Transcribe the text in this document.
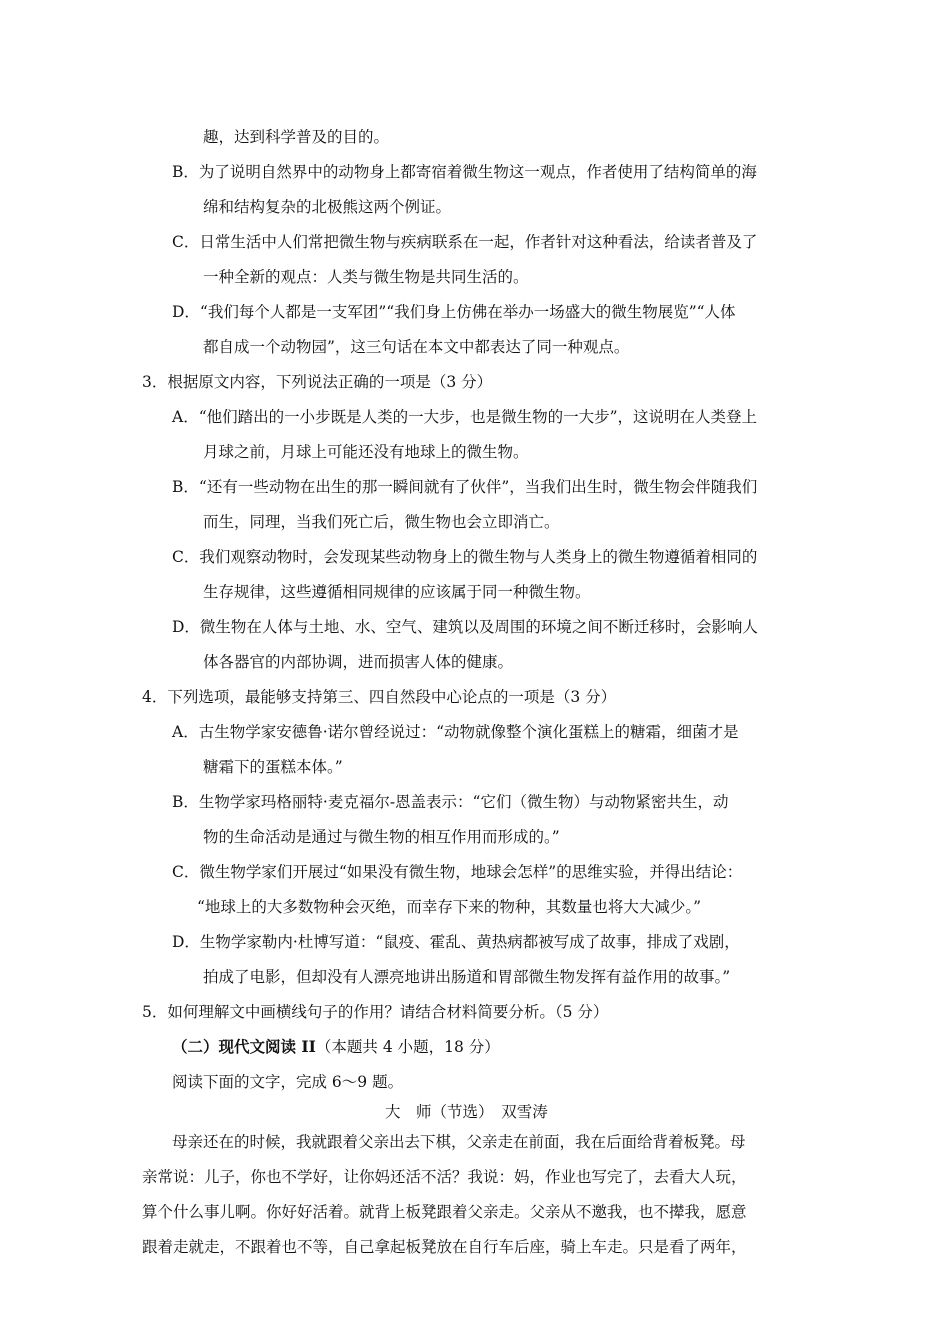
趣，达到科学普及的目的。
B．为了说明自然界中的动物身上都寄宿着微生物这一观点，作者使用了结构简单的海
绵和结构复杂的北极熊这两个例证。
C．日常生活中人们常把微生物与疾病联系在一起，作者针对这种看法，给读者普及了
一种全新的观点：人类与微生物是共同生活的。
D．“我们每个人都是一支军团”“我们身上仿佛在举办一场盛大的微生物展览”“人体
都自成一个动物园”，这三句话在本文中都表达了同一种观点。
3．根据原文内容，下列说法正确的一项是（3 分）
A．“他们踏出的一小步既是人类的一大步，也是微生物的一大步”，这说明在人类登上
月球之前，月球上可能还没有地球上的微生物。
B．“还有一些动物在出生的那一瞬间就有了伙伴”，当我们出生时，微生物会伴随我们
而生，同理，当我们死亡后，微生物也会立即消亡。
C．我们观察动物时，会发现某些动物身上的微生物与人类身上的微生物遵循着相同的
生存规律，这些遵循相同规律的应该属于同一种微生物。
D．微生物在人体与土地、水、空气、建筑以及周围的环境之间不断迁移时，会影响人
体各器官的内部协调，进而损害人体的健康。
4．下列选项，最能够支持第三、四自然段中心论点的一项是（3 分）
A．古生物学家安德鲁·诺尔曾经说过：“动物就像整个演化蛋糕上的糖霜，细菌才是
糖霜下的蛋糕本体。”
B．生物学家玛格丽特·麦克福尔-恩盖表示：“它们（微生物）与动物紧密共生，动
物的生命活动是通过与微生物的相互作用而形成的。”
C．微生物学家们开展过“如果没有微生物，地球会怎样”的思维实验，并得出结论：
“地球上的大多数物种会灭绝，而幸存下来的物种，其数量也将大大减少。”
D．生物学家勒内·杜博写道：“鼠疫、霍乱、黄热病都被写成了故事，排成了戏剧，
拍成了电影，但却没有人漂亮地讲出肠道和胃部微生物发挥有益作用的故事。”
5．如何理解文中画横线句子的作用？请结合材料简要分析。（5 分）
（二）现代文阅读 II（本题共 4 小题，18 分）
阅读下面的文字，完成 6～9 题。
大　师（节选）　双雪涛
母亲还在的时候，我就跟着父亲出去下棋，父亲走在前面，我在后面给背着板凳。母
亲常说：儿子，你也不学好，让你妈还活不活？我说：妈，作业也写完了，去看大人玩，
算个什么事儿啊。你好好活着。就背上板凳跟着父亲走。父亲从不邀我，也不撵我，愿意
跟着走就走，不跟着也不等，自己拿起板凳放在自行车后座，骑上车走。只是看了两年，
